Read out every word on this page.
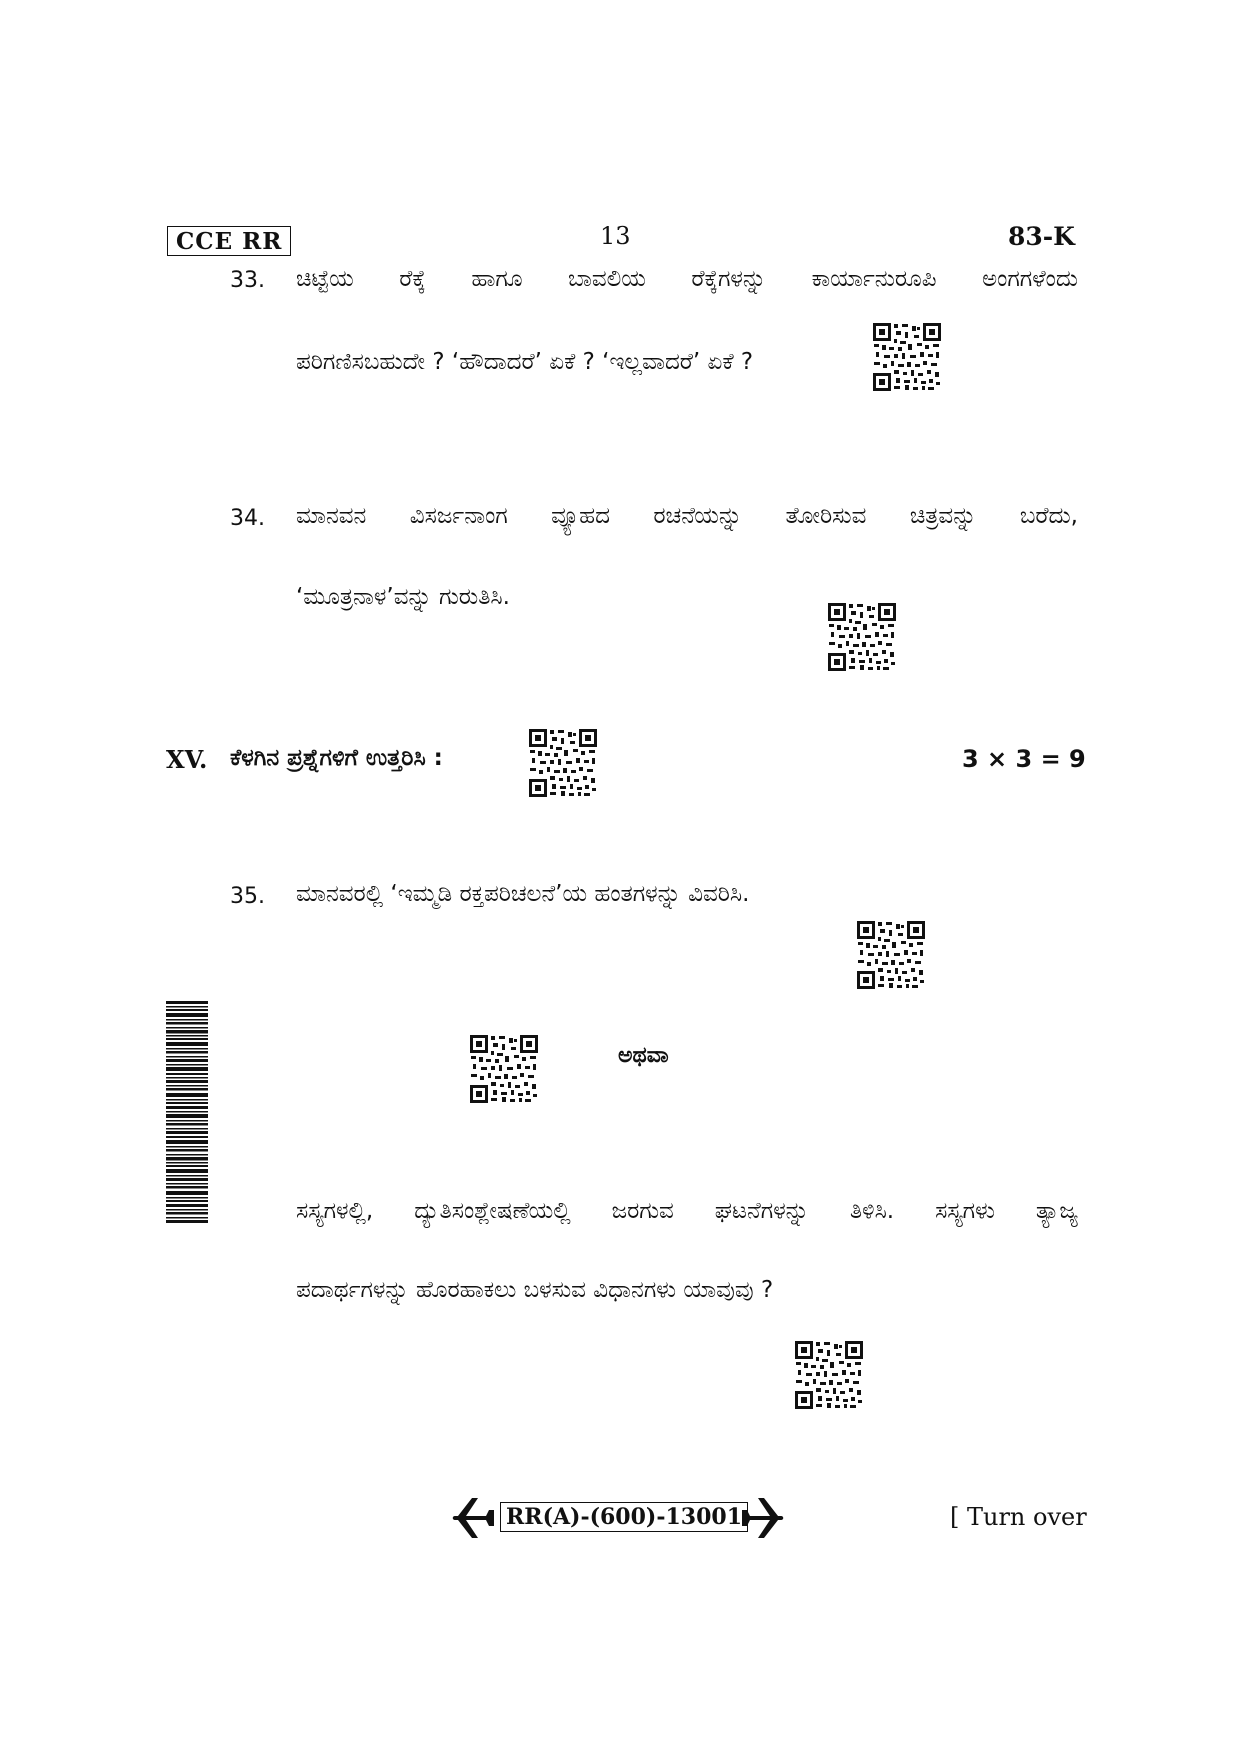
CCE RR	13	83-K
33. ಚಿಟ್ಟೆಯ ರೆಕ್ಕೆ ಹಾಗೂ ಬಾವಲಿಯ ರೆಕ್ಕೆಗಳನ್ನು ಕಾರ್ಯಾನುರೂಪಿ ಅಂಗಗಳೆಂದು
ಪರಿಗಣಿಸಬಹುದೇ ? ‘ಹೌದಾದರೆ’ ಏಕೆ ? ‘ಇಲ್ಲವಾದರೆ’ ಏಕೆ ?
34. ಮಾನವನ ವಿಸರ್ಜನಾಂಗ ವ್ಯೂಹದ ರಚನೆಯನ್ನು ತೋರಿಸುವ ಚಿತ್ರವನ್ನು ಬರೆದು,
‘ಮೂತ್ರನಾಳ’ವನ್ನು ಗುರುತಿಸಿ.
XV. ಕೆಳಗಿನ ಪ್ರಶ್ನೆಗಳಿಗೆ ಉತ್ತರಿಸಿ :	3 × 3 = 9
35. ಮಾನವರಲ್ಲಿ ‘ಇಮ್ಮಡಿ ರಕ್ತಪರಿಚಲನೆ’ಯ ಹಂತಗಳನ್ನು ವಿವರಿಸಿ.
ಅಥವಾ
ಸಸ್ಯಗಳಲ್ಲಿ, ದ್ಯುತಿಸಂಶ್ಲೇಷಣೆಯಲ್ಲಿ ಜರಗುವ ಘಟನೆಗಳನ್ನು ತಿಳಿಸಿ. ಸಸ್ಯಗಳು ತ್ಯಾಜ್ಯ
ಪದಾರ್ಥಗಳನ್ನು ಹೊರಹಾಕಲು ಬಳಸುವ ವಿಧಾನಗಳು ಯಾವುವು ?
RR(A)-(600)-13001	[ Turn over
